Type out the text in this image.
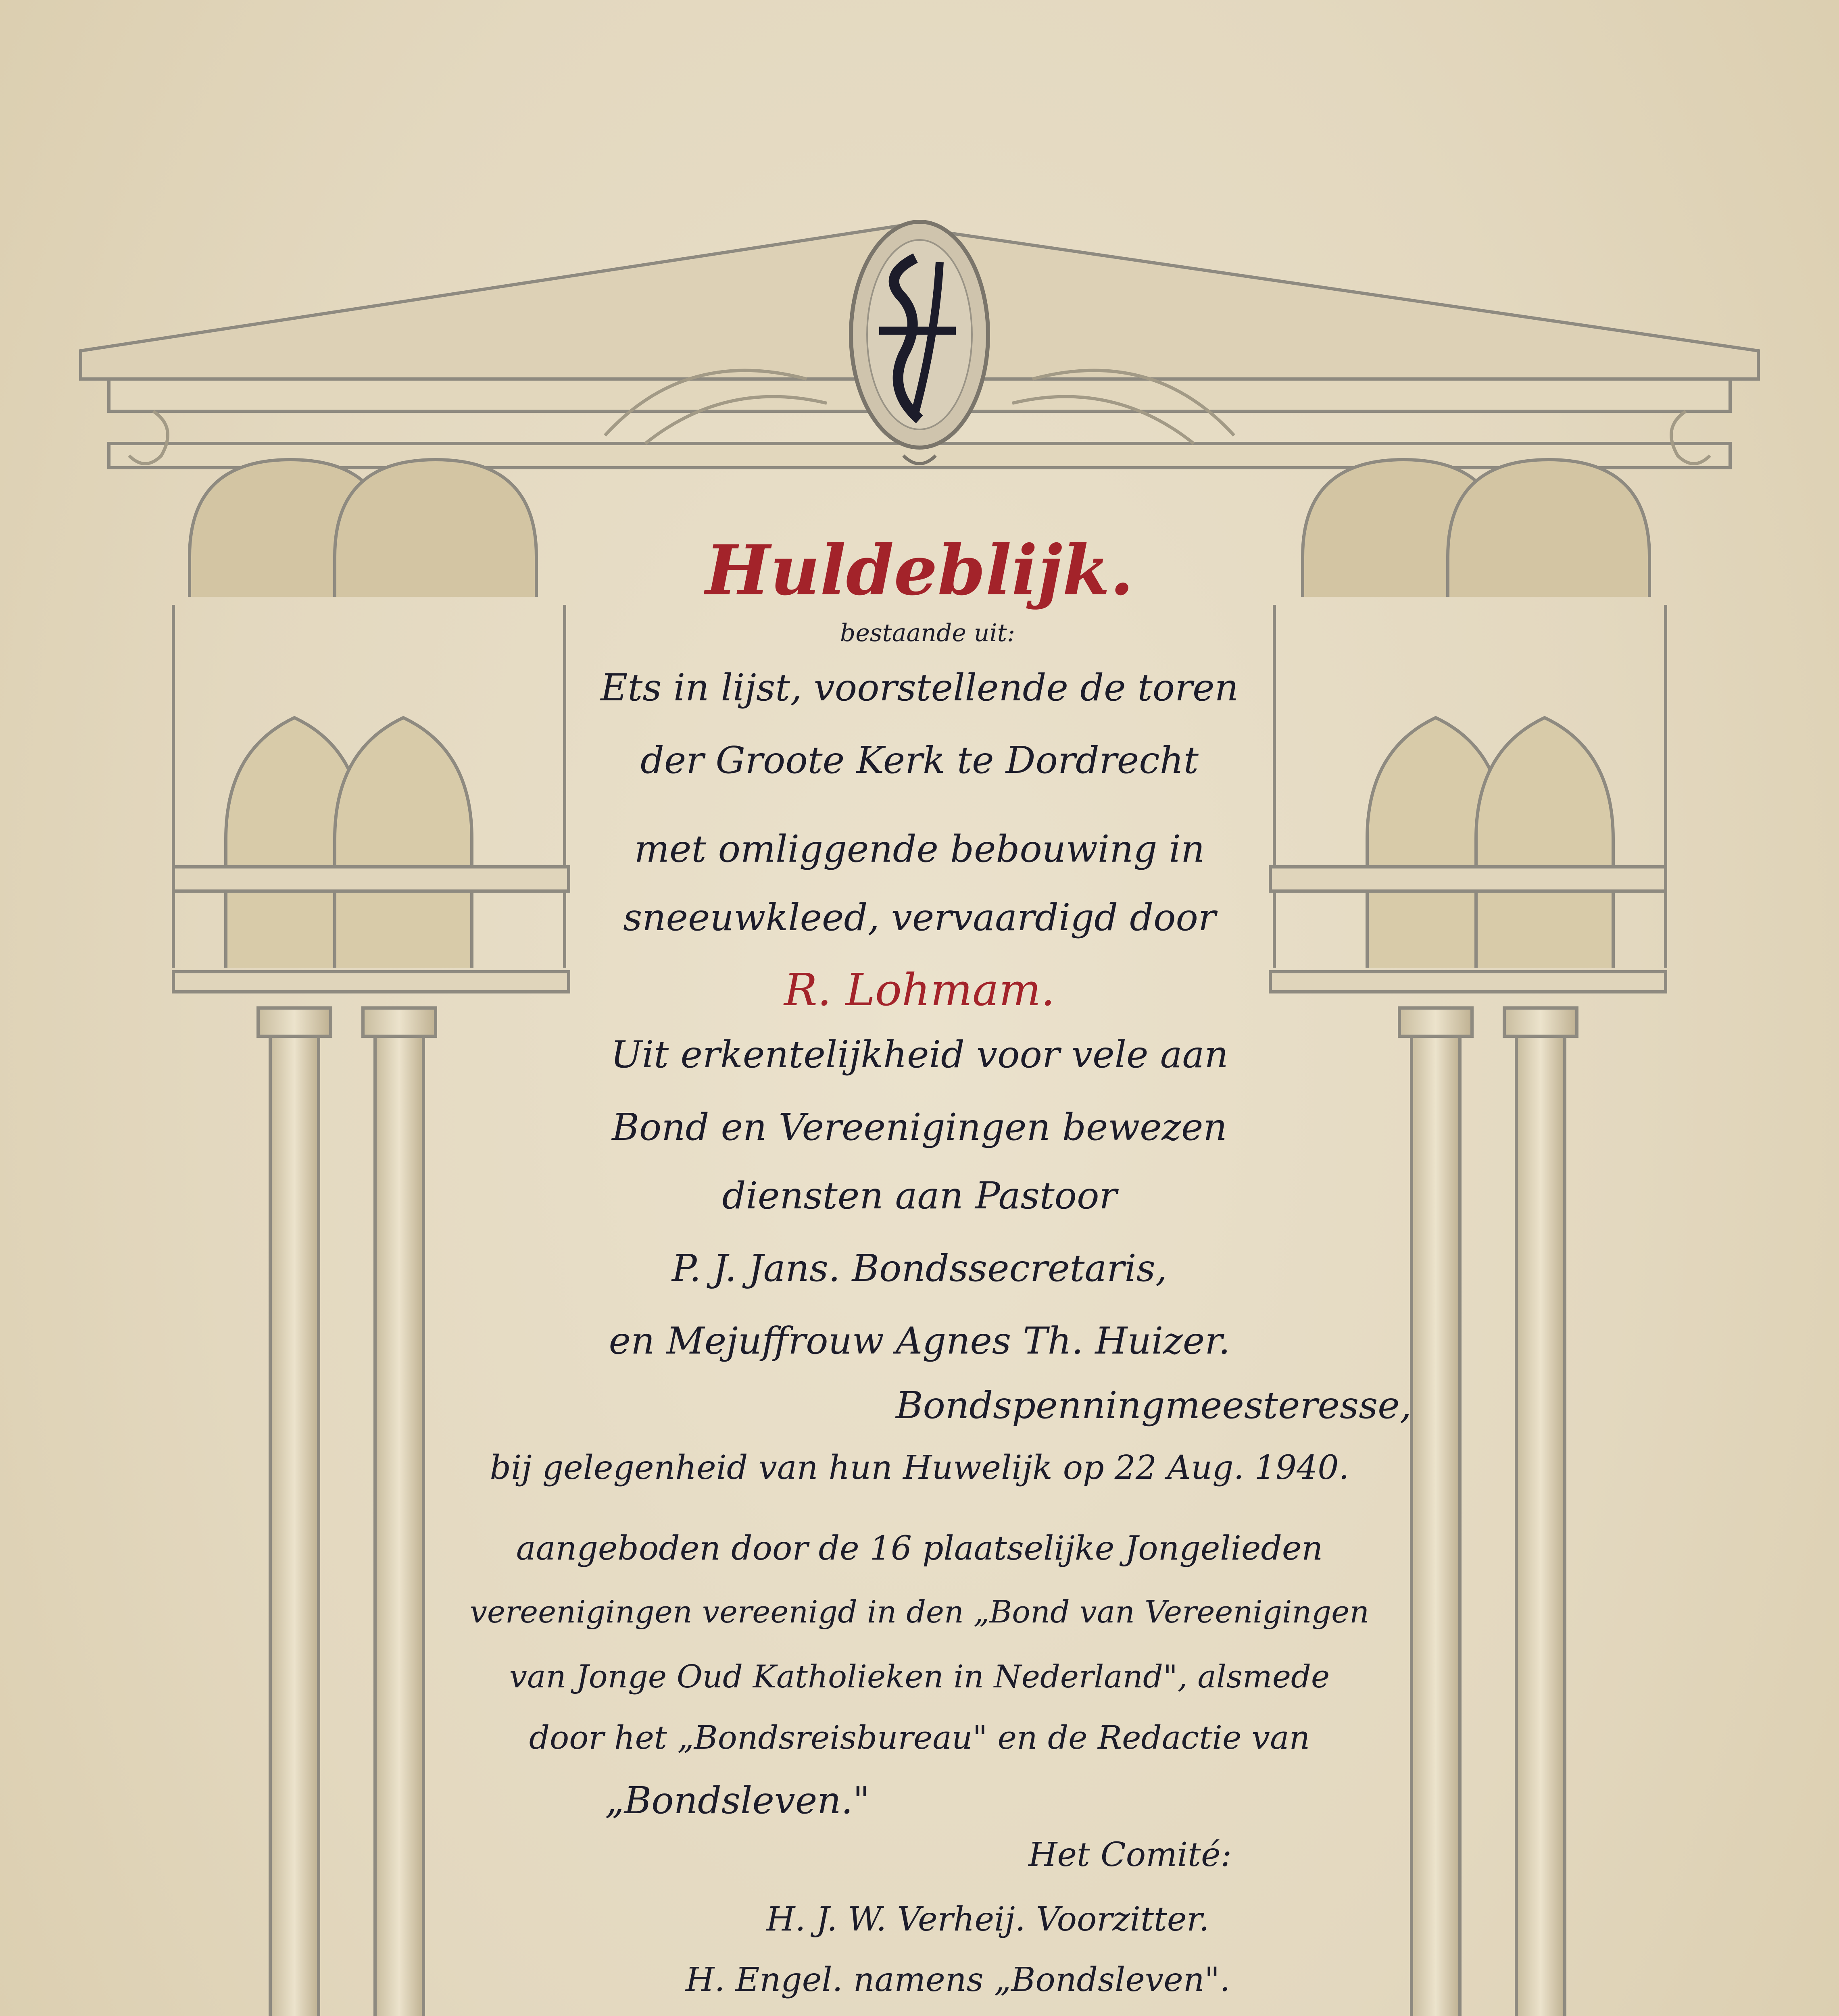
Huldeblijk.
bestaande uit:
Ets in lijst, voorstellende de toren
der Groote Kerk te Dordrecht
met omliggende bebouwing in
sneeuwkleed, vervaardigd door
R. Lohmam.
Uit erkentelijkheid voor vele aan
Bond en Vereenigingen bewezen
diensten aan Pastoor
P. J. Jans. Bondssecretaris,
en Mejuffrouw Agnes Th. Huizer.
Bondspenningmeesteresse,
bij gelegenheid van hun Huwelijk op 22 Aug. 1940.
aangeboden door de 16 plaatselijke Jongelieden
vereenigingen vereenigd in den „Bond van Vereenigingen
van Jonge Oud Katholieken in Nederland", alsmede
door het „Bondsreisbureau" en de Redactie van
„Bondsleven."
Het Comité:
H. J. W. Verheij. Voorzitter.
H. Engel. namens „Bondsleven".
